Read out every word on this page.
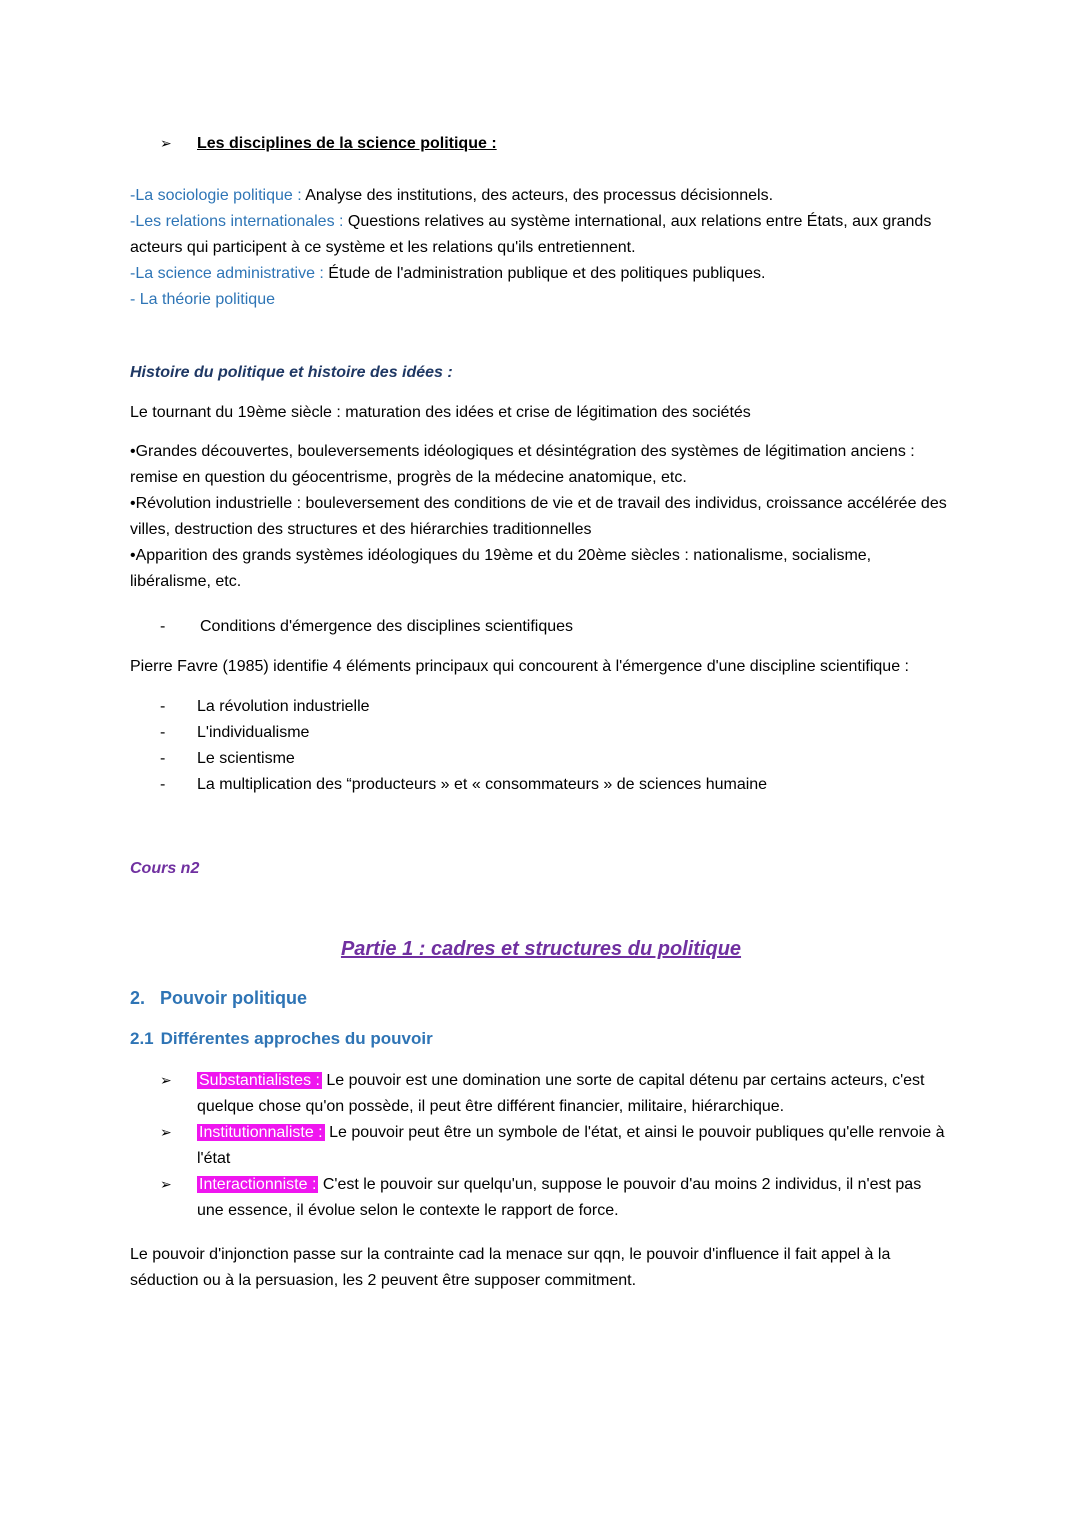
➢	Les disciplines de la science politique :
-La sociologie politique : Analyse des institutions, des acteurs, des processus décisionnels.
-Les relations internationales : Questions relatives au système international, aux relations entre États, aux grands acteurs qui participent à ce système et les relations qu'ils entretiennent.
-La science administrative : Étude de l'administration publique et des politiques publiques.
- La théorie politique
Histoire du politique et histoire des idées :

Le tournant du 19ème siècle : maturation des idées et crise de légitimation des sociétés

•Grandes découvertes, bouleversements idéologiques et désintégration des systèmes de légitimation anciens : remise en question du géocentrisme, progrès de la médecine anatomique, etc.
•Révolution industrielle : bouleversement des conditions de vie et de travail des individus, croissance accélérée des villes, destruction des structures et des hiérarchies traditionnelles
•Apparition des grands systèmes idéologiques du 19ème et du 20ème siècles : nationalisme, socialisme, libéralisme, etc.
-	Conditions d'émergence des disciplines scientifiques

Pierre Favre (1985) identifie 4 éléments principaux qui concourent à l'émergence d'une discipline scientifique :

-	La révolution industrielle
-	L'individualisme
-	Le scientisme
-	La multiplication des “producteurs » et « consommateurs » de sciences humaine
Cours n2
Partie 1 : cadres et structures du politique
2. Pouvoir politique
2.1 Différentes approches du pouvoir
➢	Substantialistes : Le pouvoir est une domination une sorte de capital détenu par certains acteurs, c'est quelque chose qu'on possède, il peut être différent financier, militaire, hiérarchique.
➢	Institutionnaliste : Le pouvoir peut être un symbole de l'état, et ainsi le pouvoir publiques qu'elle renvoie à l'état
➢	Interactionniste : C'est le pouvoir sur quelqu'un, suppose le pouvoir d'au moins 2 individus, il n'est pas une essence, il évolue selon le contexte le rapport de force.

Le pouvoir d'injonction passe sur la contrainte cad la menace sur qqn, le pouvoir d'influence il fait appel à la séduction ou à la persuasion, les 2 peuvent être supposer commitment.
